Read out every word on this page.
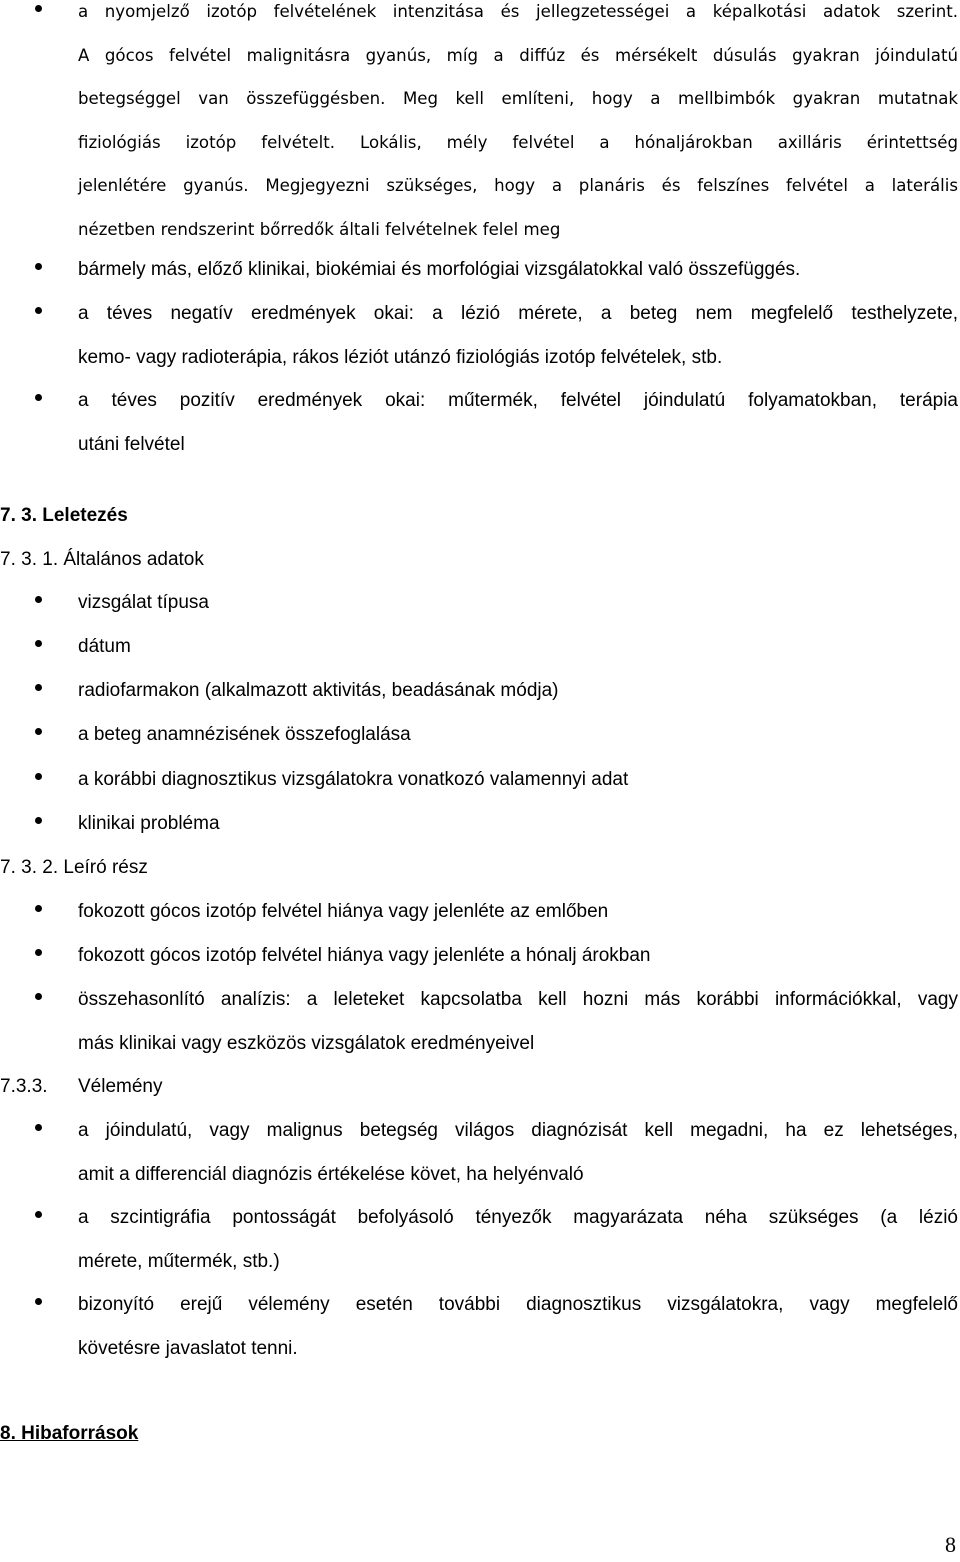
a nyomjelző izotóp felvételének intenzitása és jellegzetességei a képalkotási adatok szerint.
A gócos felvétel malignitásra gyanús, míg a diffúz és mérsékelt dúsulás gyakran jóindulatú
betegséggel van összefüggésben. Meg kell említeni, hogy a mellbimbók gyakran mutatnak
fiziológiás izotóp felvételt. Lokális, mély felvétel a hónaljárokban axilláris érintettség
jelenlétére gyanús. Megjegyezni szükséges, hogy a planáris és felszínes felvétel a laterális
nézetben rendszerint bőrredők általi felvételnek felel meg
bármely más, előző klinikai, biokémiai és morfológiai vizsgálatokkal való összefüggés.
a téves negatív eredmények okai: a lézió mérete, a beteg nem megfelelő testhelyzete,
kemo- vagy radioterápia, rákos léziót utánzó fiziológiás izotóp felvételek, stb.
a téves pozitív eredmények okai: műtermék, felvétel jóindulatú folyamatokban, terápia
utáni felvétel
7. 3. Leletezés
7. 3. 1. Általános adatok
vizsgálat típusa
dátum
radiofarmakon (alkalmazott aktivitás, beadásának módja)
a beteg anamnézisének összefoglalása
a korábbi diagnosztikus vizsgálatokra vonatkozó valamennyi adat
klinikai probléma
7. 3. 2. Leíró rész
fokozott gócos izotóp felvétel hiánya vagy jelenléte az emlőben
fokozott gócos izotóp felvétel hiánya vagy jelenléte a hónalj árokban
összehasonlító analízis: a leleteket kapcsolatba kell hozni más korábbi információkkal, vagy
más klinikai vagy eszközös vizsgálatok eredményeivel
7.3.3. Vélemény
a jóindulatú, vagy malignus betegség világos diagnózisát kell megadni, ha ez lehetséges,
amit a differenciál diagnózis értékelése követ, ha helyénvaló
a szcintigráfia pontosságát befolyásoló tényezők magyarázata néha szükséges (a lézió
mérete, műtermék, stb.)
bizonyító erejű vélemény esetén további diagnosztikus vizsgálatokra, vagy megfelelő
követésre javaslatot tenni.
8. Hibaforrások
8
